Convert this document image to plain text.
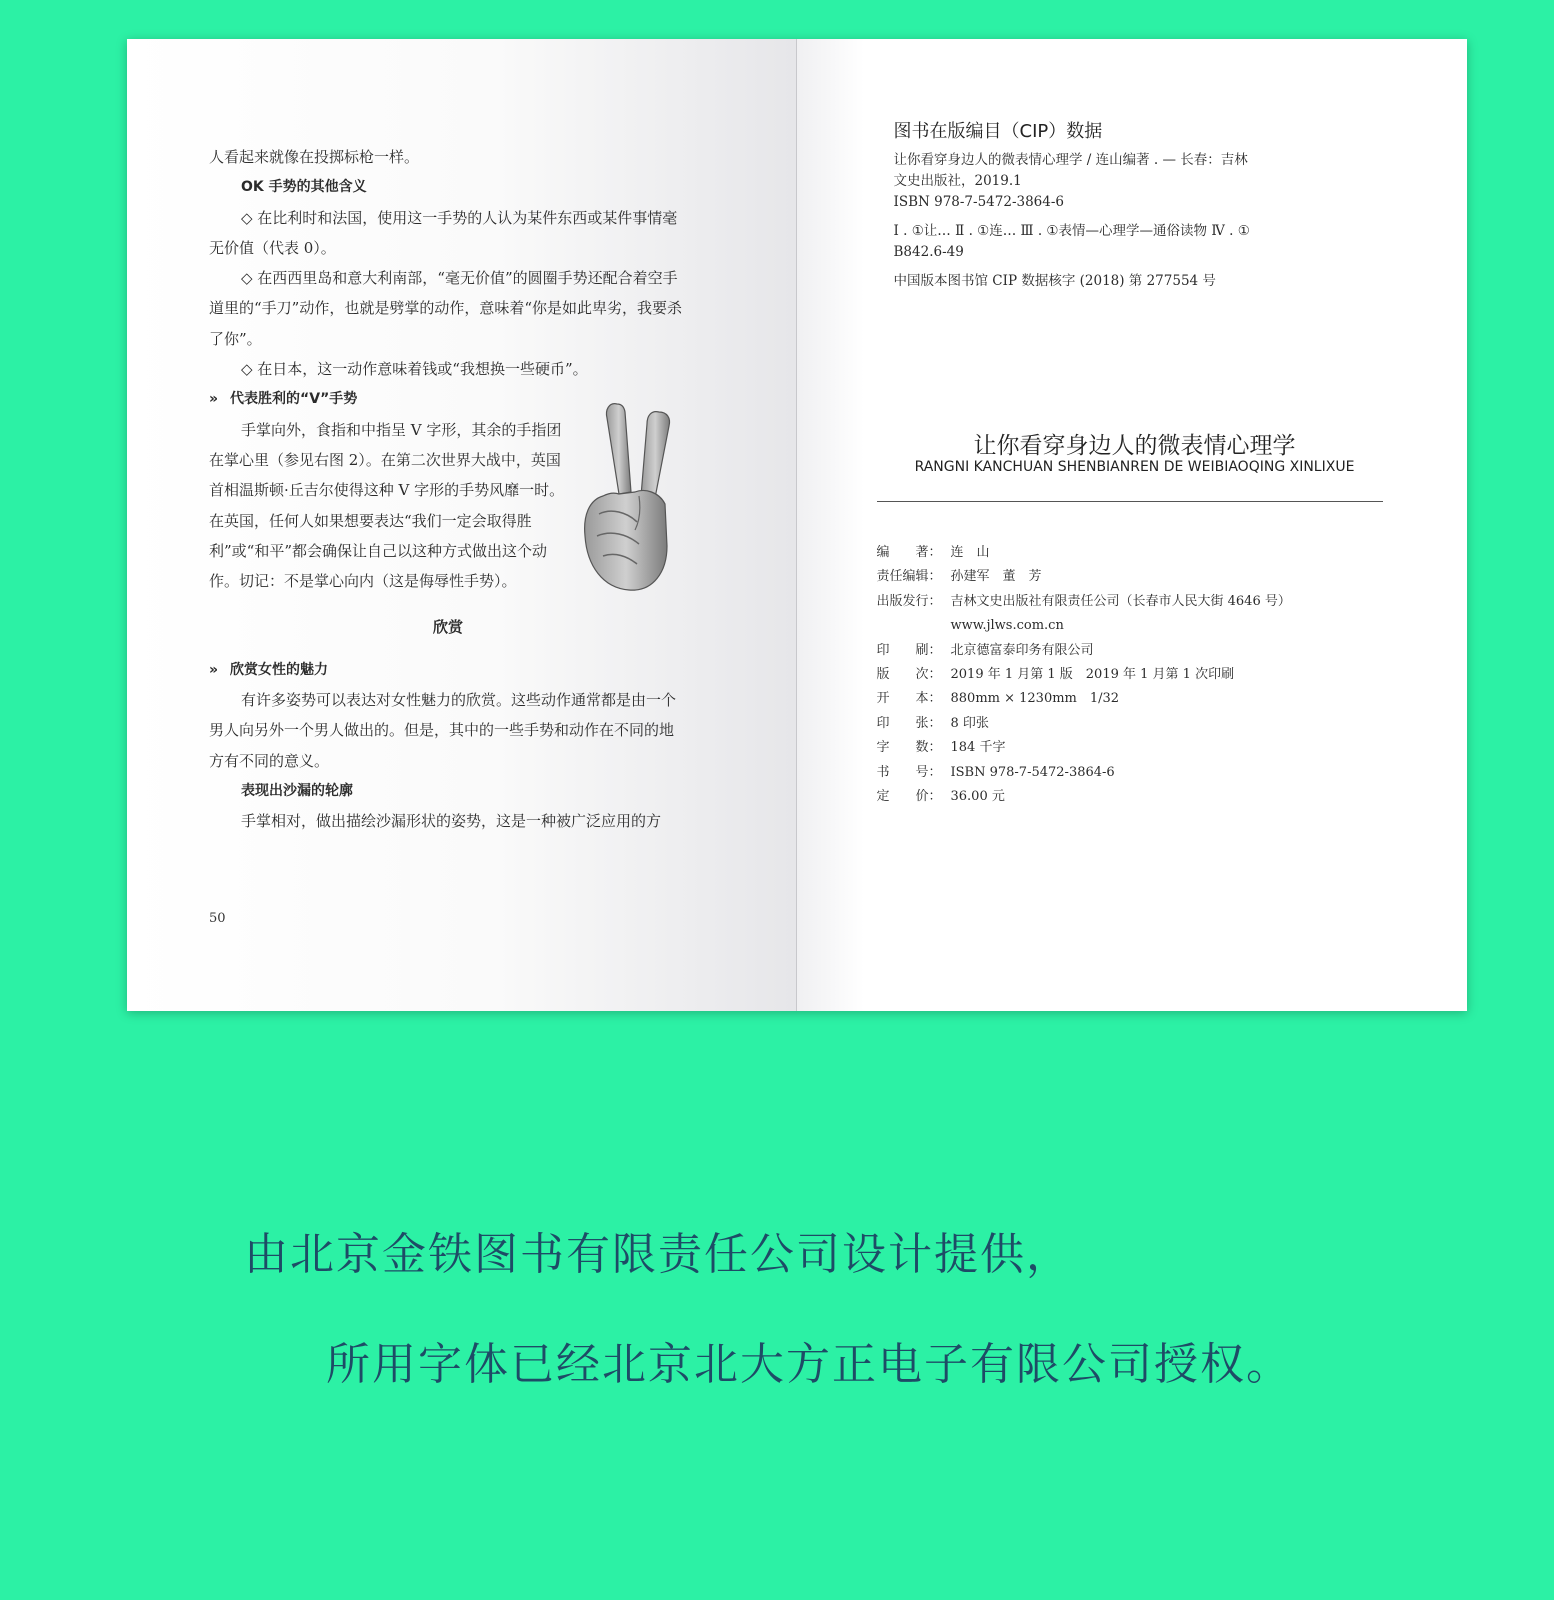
人看起来就像在投掷标枪一样。

OK 手势的其他含义

◇ 在比利时和法国，使用这一手势的人认为某件东西或某件事情毫无价值（代表 0）。

◇ 在西西里岛和意大利南部，“毫无价值”的圆圈手势还配合着空手道里的“手刀”动作，也就是劈掌的动作，意味着“你是如此卑劣，我要杀了你”。

◇ 在日本，这一动作意味着钱或“我想换一些硬币”。

» 代表胜利的“V”手势

手掌向外，食指和中指呈 V 字形，其余的手指团在掌心里（参见右图 2）。在第二次世界大战中，英国首相温斯顿·丘吉尔使得这种 V 字形的手势风靡一时。在英国，任何人如果想要表达“我们一定会取得胜利”或“和平”都会确保让自己以这种方式做出这个动作。切记：不是掌心向内（这是侮辱性手势）。

欣赏

» 欣赏女性的魅力

有许多姿势可以表达对女性魅力的欣赏。这些动作通常都是由一个男人向另外一个男人做出的。但是，其中的一些手势和动作在不同的地方有不同的意义。

表现出沙漏的轮廓

手掌相对，做出描绘沙漏形状的姿势，这是一种被广泛应用的方

50
图书在版编目（CIP）数据

让你看穿身边人的微表情心理学 / 连山编著 . — 长春：吉林文史出版社，2019.1

ISBN 978-7-5472-3864-6

Ⅰ . ①让… Ⅱ . ①连… Ⅲ . ①表情—心理学—通俗读物 Ⅳ . ① B842.6-49

中国版本图书馆 CIP 数据核字 (2018) 第 277554 号

让你看穿身边人的微表情心理学
RANGNI KANCHUAN SHENBIANREN DE WEIBIAOQING XINLIXUE
编　　著： 连　山
责任编辑： 孙建军　董　芳
出版发行： 吉林文史出版社有限责任公司（长春市人民大街 4646 号）
www.jlws.com.cn
印　　刷： 北京德富泰印务有限公司
版　　次： 2019 年 1 月第 1 版　2019 年 1 月第 1 次印刷
开　　本： 880mm × 1230mm　1/32
印　　张： 8 印张
字　　数： 184 千字
书　　号： ISBN 978-7-5472-3864-6
定　　价： 36.00 元
由北京金铁图书有限责任公司设计提供，
所用字体已经北京北大方正电子有限公司授权。
